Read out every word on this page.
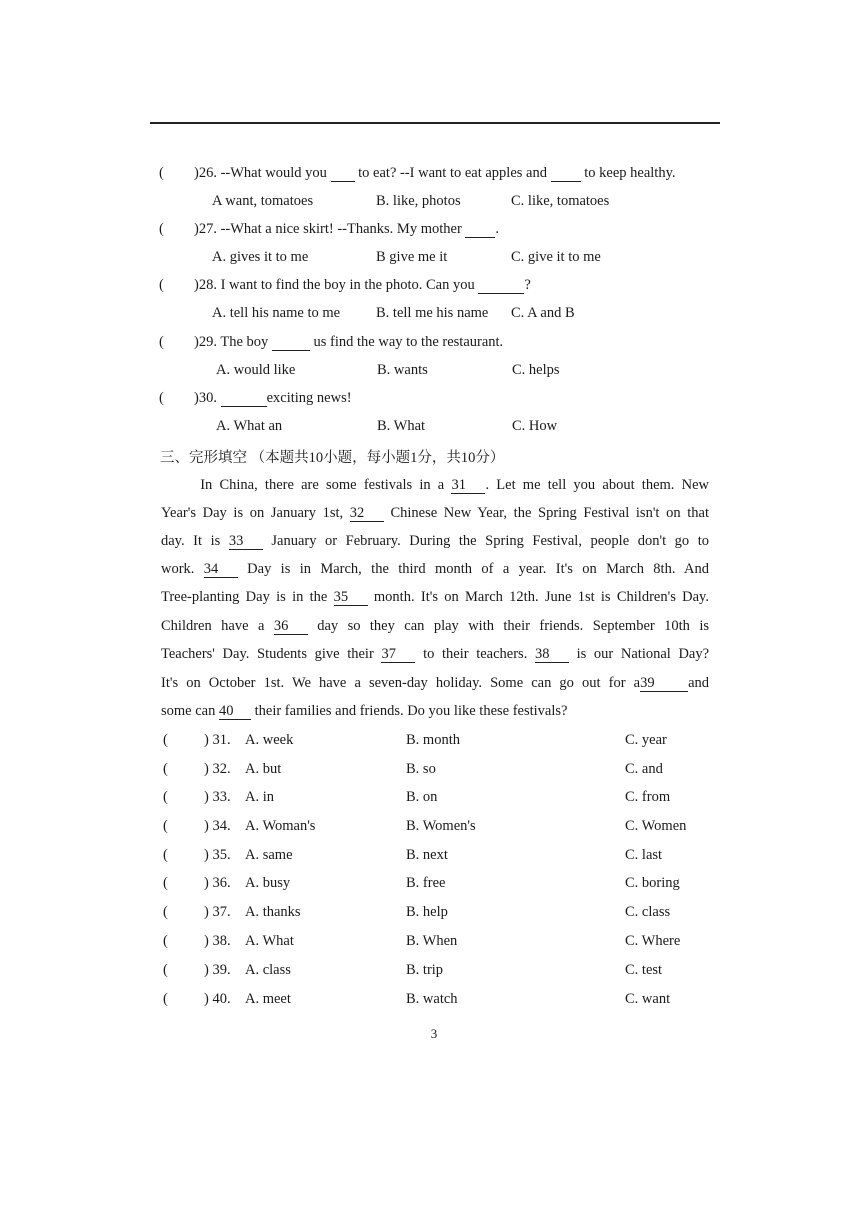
( )26. --What would you to eat? --I want to eat apples and	to keep healthy.
A want, tomatoes	B. like, photos	C. like, tomatoes
( )27. --What a nice skirt! --Thanks. My mother .
A. gives it to me	B give me it	C. give it to me
( )28. I want to find the boy in the photo. Can you	?
A. tell his name to me B. tell me his name C. A and B
( )29. The boy	us find the way to the restaurant.
A. would like	B. wants	C. helps
( )30.	exciting news!
A. What an	B. What	C. How
三、完形填空 （本题共10小题，每小题1分，共10分）
In China, there are some festivals in a 31 . Let me tell you about them. New
Year's Day is on January 1st, 32 Chinese New Year, the Spring Festival isn't on that
day. It is 33 January or February. During the Spring Festival, people don't go to
work. 34 Day is in March, the third month of a year. It's on March 8th. And
Tree-planting Day is in the 35 month. It's on March 12th. June 1st is Children's Day.
Children have a 36 day so they can play with their friends. September 10th is
Teachers' Day. Students give their 37 to their teachers. 38 is our National Day?
It's on October 1st. We have a seven-day holiday. Some can go out for a39 and
some can 40 their families and friends. Do you like these festivals?
( ) 31. A. week	B. month	C. year
( ) 32. A. but	B. so	C. and
( ) 33. A. in	B. on	C. from
( ) 34. A. Woman's	B. Women's	C. Women
( ) 35. A. same	B. next	C. last
( ) 36. A. busy	B. free	C. boring
( ) 37. A. thanks	B. help	C. class
( ) 38. A. What	B. When	C. Where
( ) 39. A. class	B. trip	C. test
( ) 40. A. meet	B. watch	C. want
3
